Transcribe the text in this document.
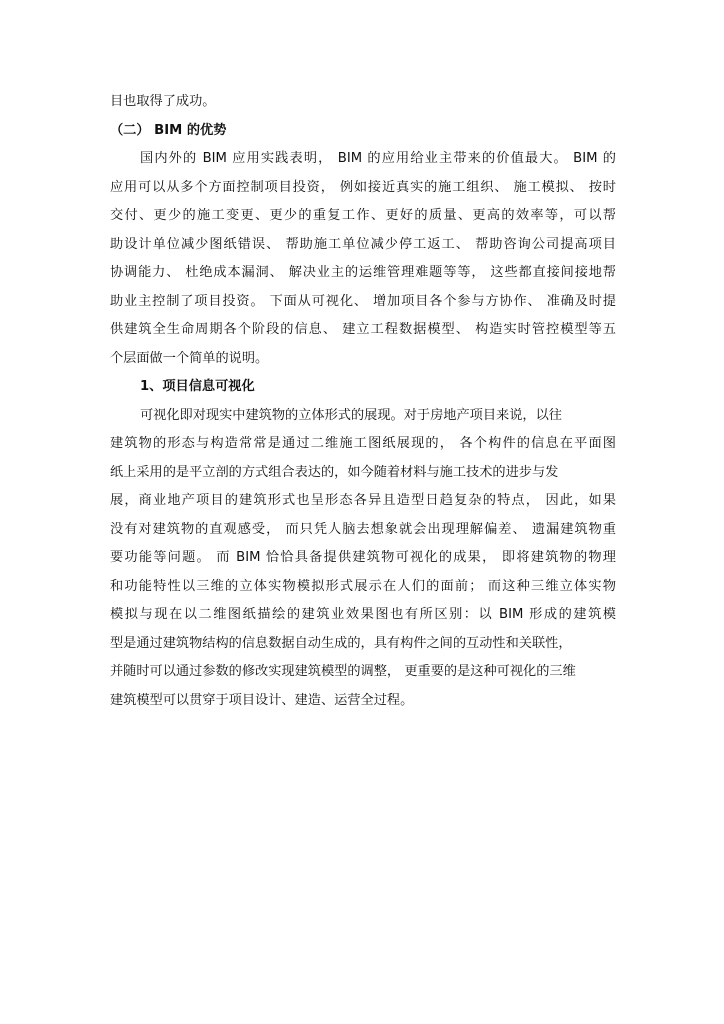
目也取得了成功。
（二） BIM 的优势
国内外的 BIM 应用实践表明， BIM 的应用给业主带来的价值最大。 BIM 的
应用可以从多个方面控制项目投资， 例如接近真实的施工组织、 施工模拟、 按时
交付、更少的施工变更、更少的重复工作、更好的质量、更高的效率等，可以帮
助设计单位减少图纸错误、 帮助施工单位减少停工返工、 帮助咨询公司提高项目
协调能力、 杜绝成本漏洞、 解决业主的运维管理难题等等， 这些都直接间接地帮
助业主控制了项目投资。 下面从可视化、 增加项目各个参与方协作、 准确及时提
供建筑全生命周期各个阶段的信息、 建立工程数据模型、 构造实时管控模型等五
个层面做一个简单的说明。
1、项目信息可视化
可视化即对现实中建筑物的立体形式的展现。对于房地产项目来说，以往
建筑物的形态与构造常常是通过二维施工图纸展现的， 各个构件的信息在平面图
纸上采用的是平立剖的方式组合表达的，如今随着材料与施工技术的进步与发
展，商业地产项目的建筑形式也呈形态各异且造型日趋复杂的特点， 因此，如果
没有对建筑物的直观感受， 而只凭人脑去想象就会出现理解偏差、 遗漏建筑物重
要功能等问题。 而 BIM 恰恰具备提供建筑物可视化的成果， 即将建筑物的物理
和功能特性以三维的立体实物模拟形式展示在人们的面前； 而这种三维立体实物
模拟与现在以二维图纸描绘的建筑业效果图也有所区别：以 BIM 形成的建筑模
型是通过建筑物结构的信息数据自动生成的，具有构件之间的互动性和关联性，
并随时可以通过参数的修改实现建筑模型的调整， 更重要的是这种可视化的三维
建筑模型可以贯穿于项目设计、建造、运营全过程。
